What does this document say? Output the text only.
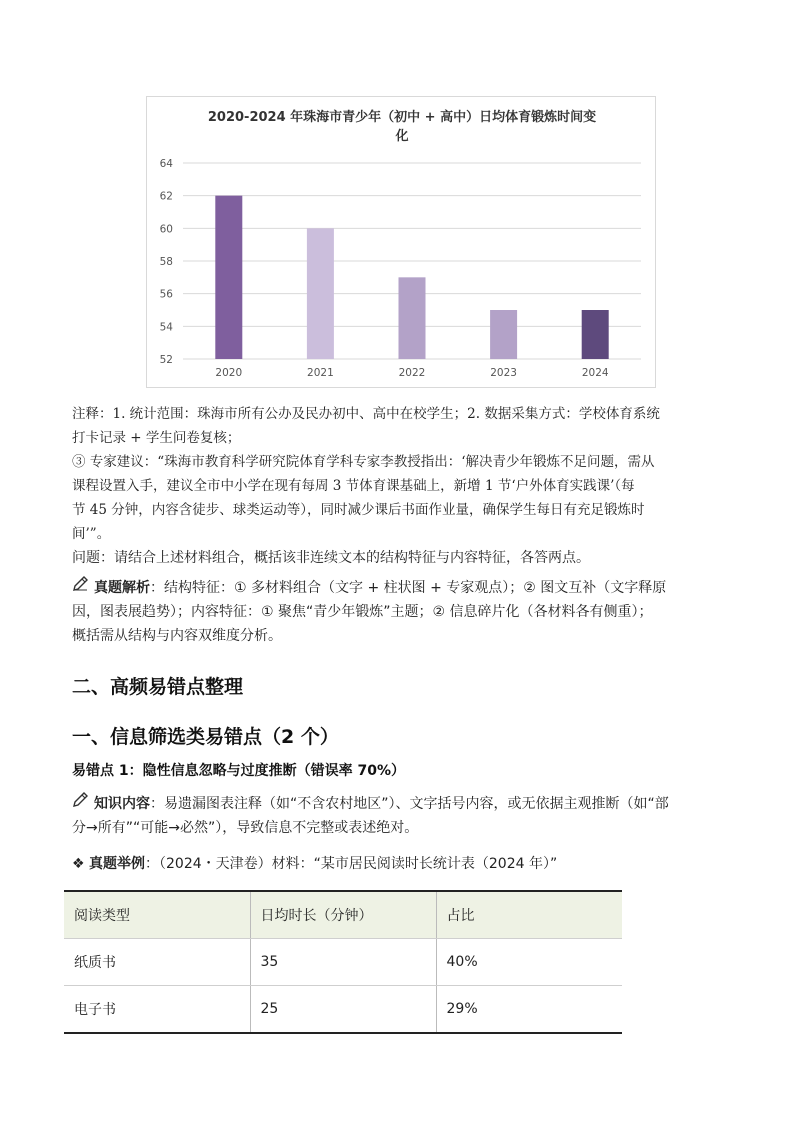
2020-2024 年珠海市青少年（初中 + 高中）日均体育锻炼时间变
化
52
54
56
58
60
62
64
2020	2021	2022	2023	2024
注释：1. 统计范围：珠海市所有公办及民办初中、高中在校学生；2. 数据采集方式：学校体育系统
打卡记录 + 学生问卷复核；
③ 专家建议：“珠海市教育科学研究院体育学科专家李教授指出：‘解决青少年锻炼不足问题，需从
课程设置入手，建议全市中小学在现有每周 3 节体育课基础上，新增 1 节‘户外体育实践课’（每
节 45 分钟，内容含徒步、球类运动等），同时减少课后书面作业量，确保学生每日有充足锻炼时
间’”。
问题：请结合上述材料组合，概括该非连续文本的结构特征与内容特征，各答两点。
真题解析：结构特征：① 多材料组合（文字 + 柱状图 + 专家观点）；② 图文互补（文字释原
因，图表展趋势）；内容特征：① 聚焦“青少年锻炼”主题；② 信息碎片化（各材料各有侧重）；
概括需从结构与内容双维度分析。
二、高频易错点整理
一、信息筛选类易错点（2 个）
易错点 1：隐性信息忽略与过度推断（错误率 70%）
知识内容：易遗漏图表注释（如“不含农村地区”）、文字括号内容，或无依据主观推断（如“部
分→所有”“可能→必然”），导致信息不完整或表述绝对。
❖ 真题举例：（2024・天津卷）材料：“某市居民阅读时长统计表（2024 年）”
阅读类型	日均时长（分钟）	占比
纸质书	35	40%
电子书	25	29%
